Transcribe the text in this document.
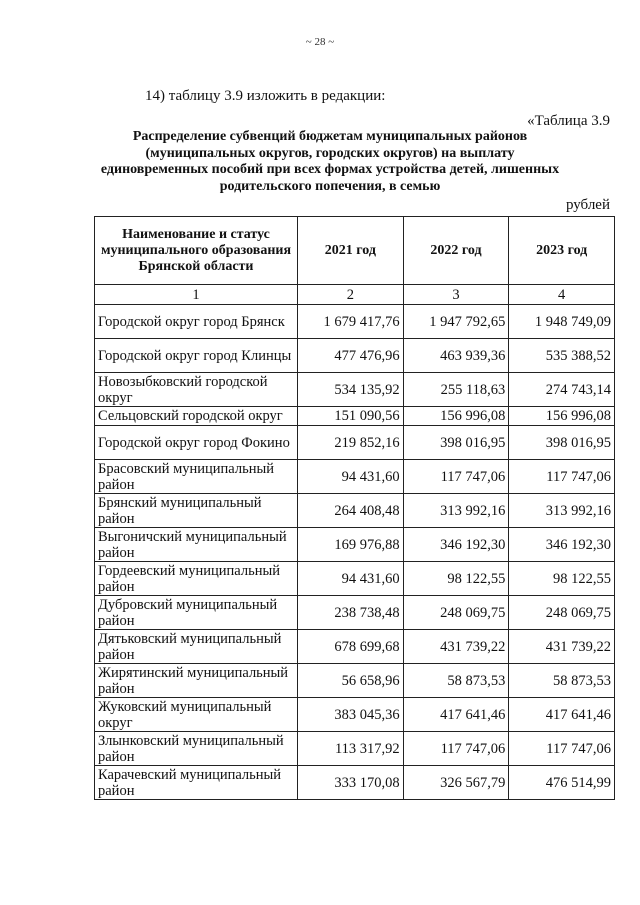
~ 28 ~
14) таблицу 3.9 изложить в редакции:
«Таблица 3.9
Распределение субвенций бюджетам муниципальных районов (муниципальных округов, городских округов) на выплату единовременных пособий при всех формах устройства детей, лишенных родительского попечения, в семью
рублей
Наименование и статус муниципального образования Брянской области	2021 год	2022 год	2023 год
1	2	3	4
Городской округ город Брянск	1 679 417,76	1 947 792,65	1 948 749,09
Городской округ город Клинцы	477 476,96	463 939,36	535 388,52
Новозыбковский городской округ	534 135,92	255 118,63	274 743,14
Сельцовский городской округ	151 090,56	156 996,08	156 996,08
Городской округ город Фокино	219 852,16	398 016,95	398 016,95
Брасовский муниципальный район	94 431,60	117 747,06	117 747,06
Брянский муниципальный район	264 408,48	313 992,16	313 992,16
Выгоничский муниципальный район	169 976,88	346 192,30	346 192,30
Гордеевский муниципальный район	94 431,60	98 122,55	98 122,55
Дубровский муниципальный район	238 738,48	248 069,75	248 069,75
Дятьковский муниципальный район	678 699,68	431 739,22	431 739,22
Жирятинский муниципальный район	56 658,96	58 873,53	58 873,53
Жуковский муниципальный округ	383 045,36	417 641,46	417 641,46
Злынковский муниципальный район	113 317,92	117 747,06	117 747,06
Карачевский муниципальный район	333 170,08	326 567,79	476 514,99
